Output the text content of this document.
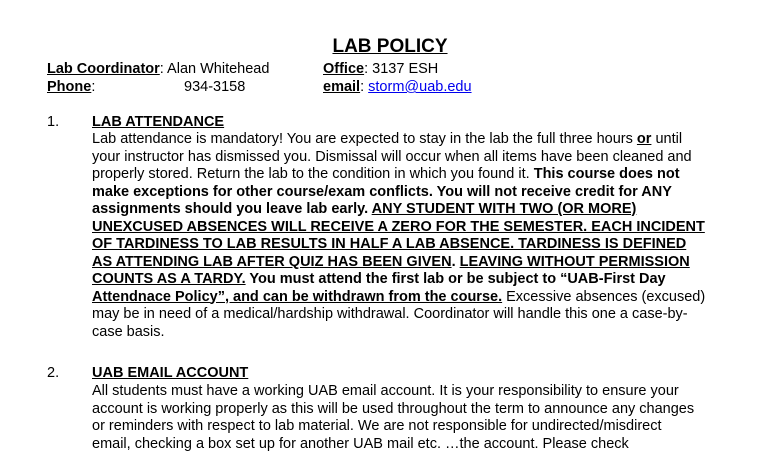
LAB POLICY
Lab Coordinator: Alan Whitehead	Office: 3137 ESH
Phone:	934-3158	email: storm@uab.edu
1. LAB ATTENDANCE
Lab attendance is mandatory! You are expected to stay in the lab the full three hours or until
your instructor has dismissed you. Dismissal will occur when all items have been cleaned and
properly stored. Return the lab to the condition in which you found it. This course does not
make exceptions for other course/exam conflicts. You will not receive credit for ANY
assignments should you leave lab early. ANY STUDENT WITH TWO (OR MORE)
UNEXCUSED ABSENCES WILL RECEIVE A ZERO FOR THE SEMESTER. EACH INCIDENT
OF TARDINESS TO LAB RESULTS IN HALF A LAB ABSENCE. TARDINESS IS DEFINED
AS ATTENDING LAB AFTER QUIZ HAS BEEN GIVEN. LEAVING WITHOUT PERMISSION
COUNTS AS A TARDY. You must attend the first lab or be subject to “UAB-First Day
Attendnace Policy”, and can be withdrawn from the course. Excessive absences (excused)
may be in need of a medical/hardship withdrawal. Coordinator will handle this one a case-by-
case basis.
2. UAB EMAIL ACCOUNT
All students must have a working UAB email account. It is your responsibility to ensure your
account is working properly as this will be used throughout the term to announce any changes
or reminders with respect to lab material. We are not responsible for undirected/misdirect
email, checking a box set up for another UAB mail etc. …the account. Please check
